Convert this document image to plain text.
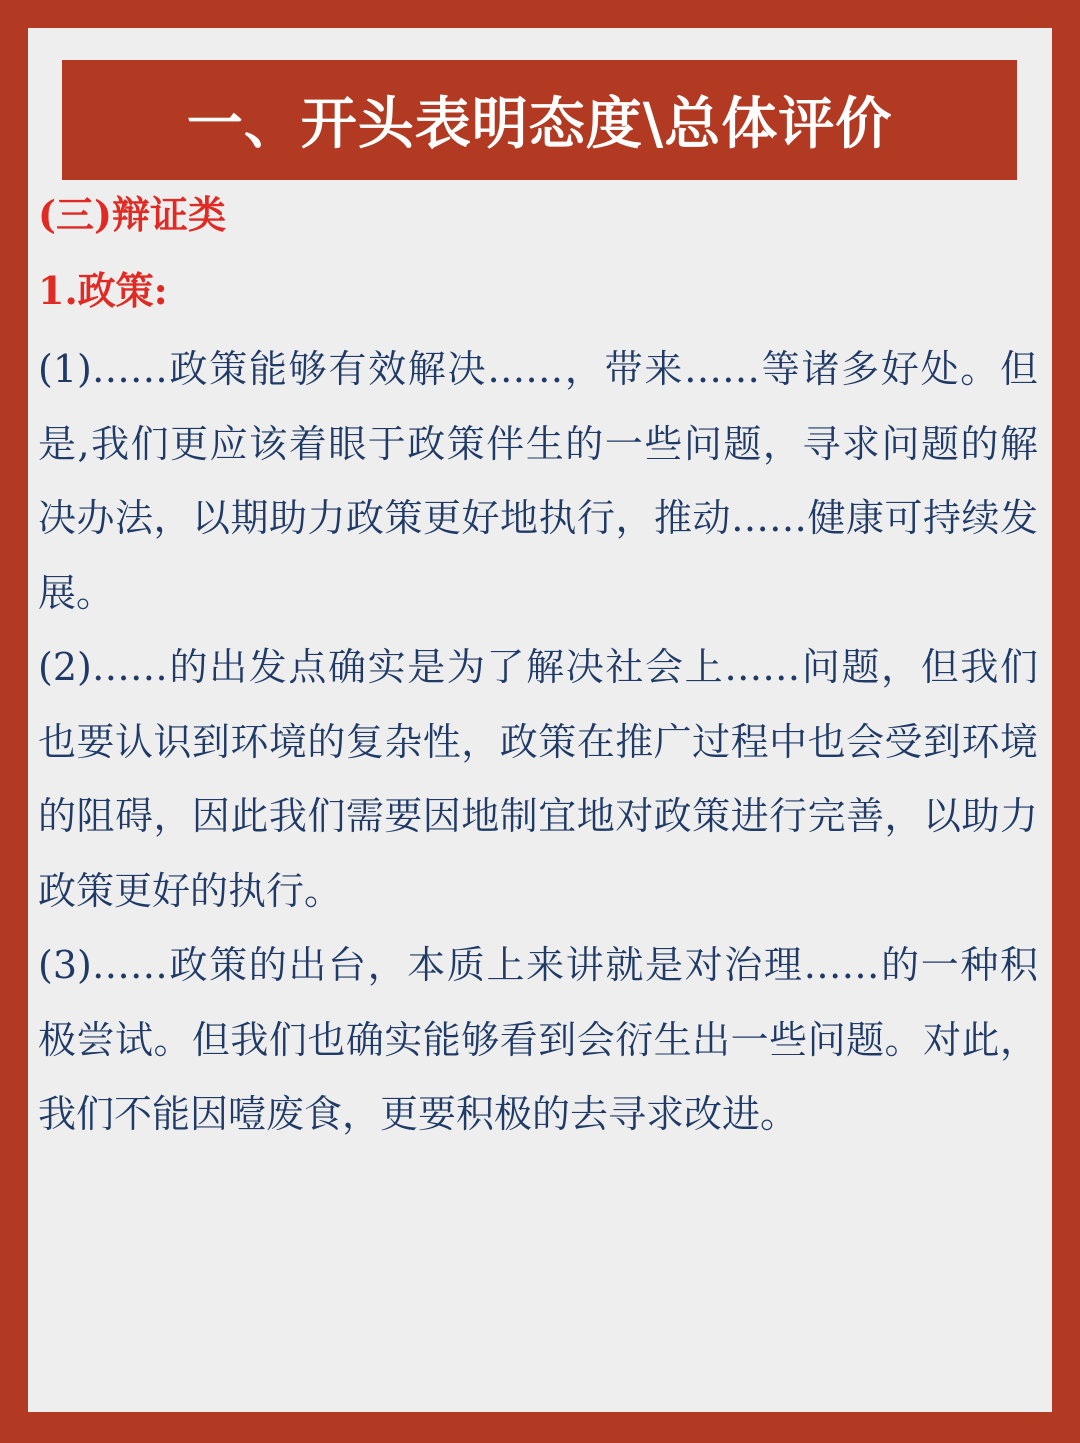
一、开头表明态度\总体评价
(三)辩证类
1.政策:

(1)……政策能够有效解决……，带来……等诸多好处。但是,我们更应该着眼于政策伴生的一些问题，寻求问题的解决办法，以期助力政策更好地执行，推动……健康可持续发展。

(2)……的出发点确实是为了解决社会上……问题，但我们也要认识到环境的复杂性，政策在推广过程中也会受到环境的阻碍，因此我们需要因地制宜地对政策进行完善，以助力政策更好的执行。

(3)……政策的出台，本质上来讲就是对治理……的一种积极尝试。但我们也确实能够看到会衍生出一些问题。对此，我们不能因噎废食，更要积极的去寻求改进。
